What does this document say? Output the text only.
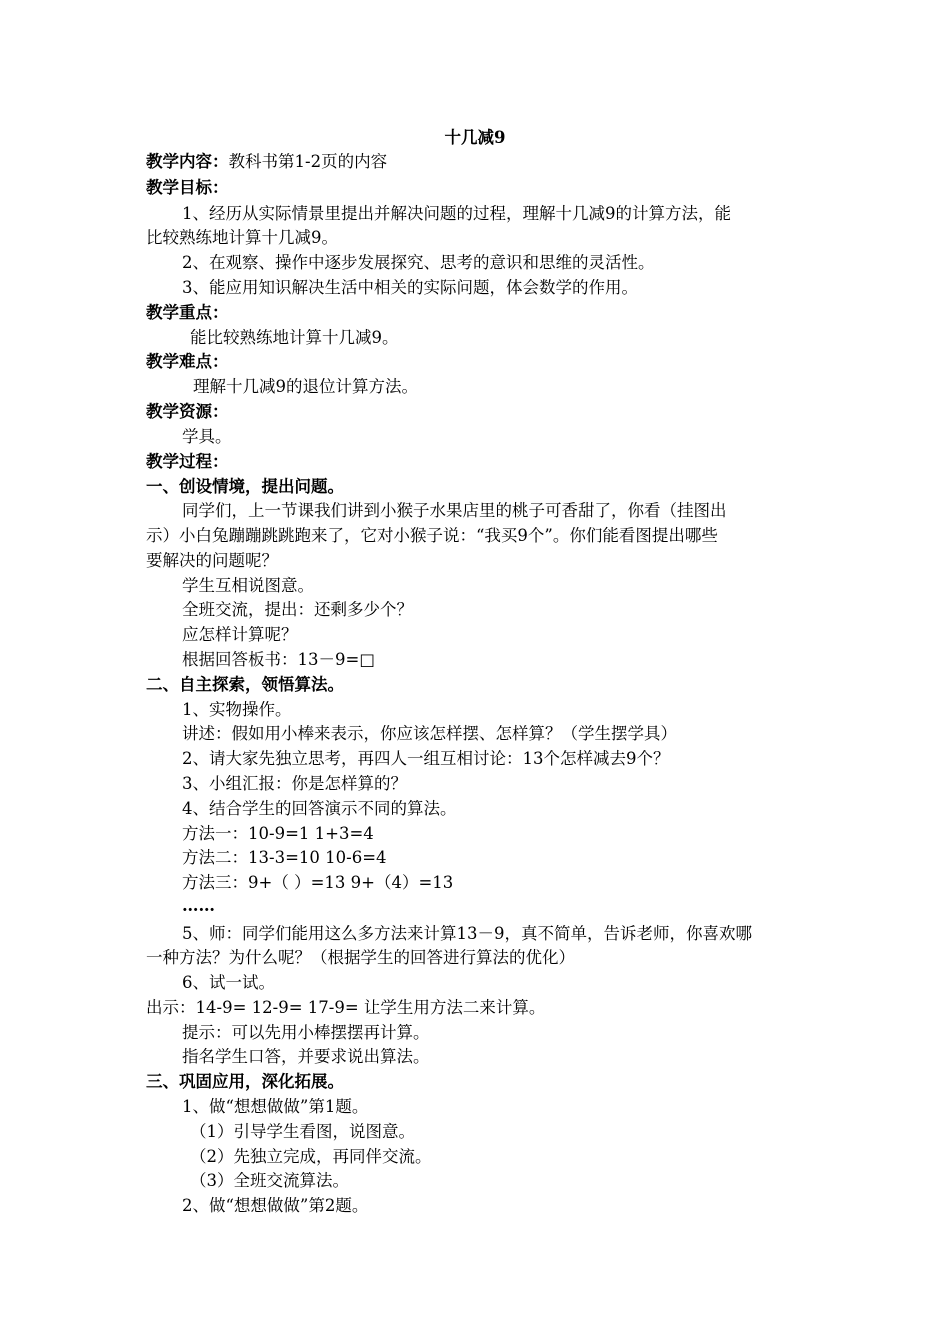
十几减9
教学内容：教科书第1-2页的内容
教学目标：
1、经历从实际情景里提出并解决问题的过程，理解十几减9的计算方法，能
比较熟练地计算十几减9。
2、在观察、操作中逐步发展探究、思考的意识和思维的灵活性。
3、能应用知识解决生活中相关的实际问题，体会数学的作用。
教学重点：
能比较熟练地计算十几减9。
教学难点：
理解十几减9的退位计算方法。
教学资源：
学具。
教学过程：
一、创设情境，提出问题。
同学们，上一节课我们讲到小猴子水果店里的桃子可香甜了，你看（挂图出
示）小白兔蹦蹦跳跳跑来了，它对小猴子说：“我买9个”。你们能看图提出哪些
要解决的问题呢？
学生互相说图意。
全班交流，提出：还剩多少个？
应怎样计算呢？
根据回答板书：13－9=□
二、自主探索，领悟算法。
1、实物操作。
讲述：假如用小棒来表示，你应该怎样摆、怎样算？（学生摆学具）
2、请大家先独立思考，再四人一组互相讨论：13个怎样减去9个？
3、小组汇报：你是怎样算的？
4、结合学生的回答演示不同的算法。
方法一：10-9=1 1+3=4
方法二：13-3=10 10-6=4
方法三：9+（ ）=13 9+（4）=13
……
5、师：同学们能用这么多方法来计算13－9，真不简单，告诉老师，你喜欢哪
一种方法？为什么呢？（根据学生的回答进行算法的优化）
6、试一试。
出示：14-9= 12-9= 17-9= 让学生用方法二来计算。
提示：可以先用小棒摆摆再计算。
指名学生口答，并要求说出算法。
三、巩固应用，深化拓展。
1、做“想想做做”第1题。
（1）引导学生看图，说图意。
（2）先独立完成，再同伴交流。
（3）全班交流算法。
2、做“想想做做”第2题。
